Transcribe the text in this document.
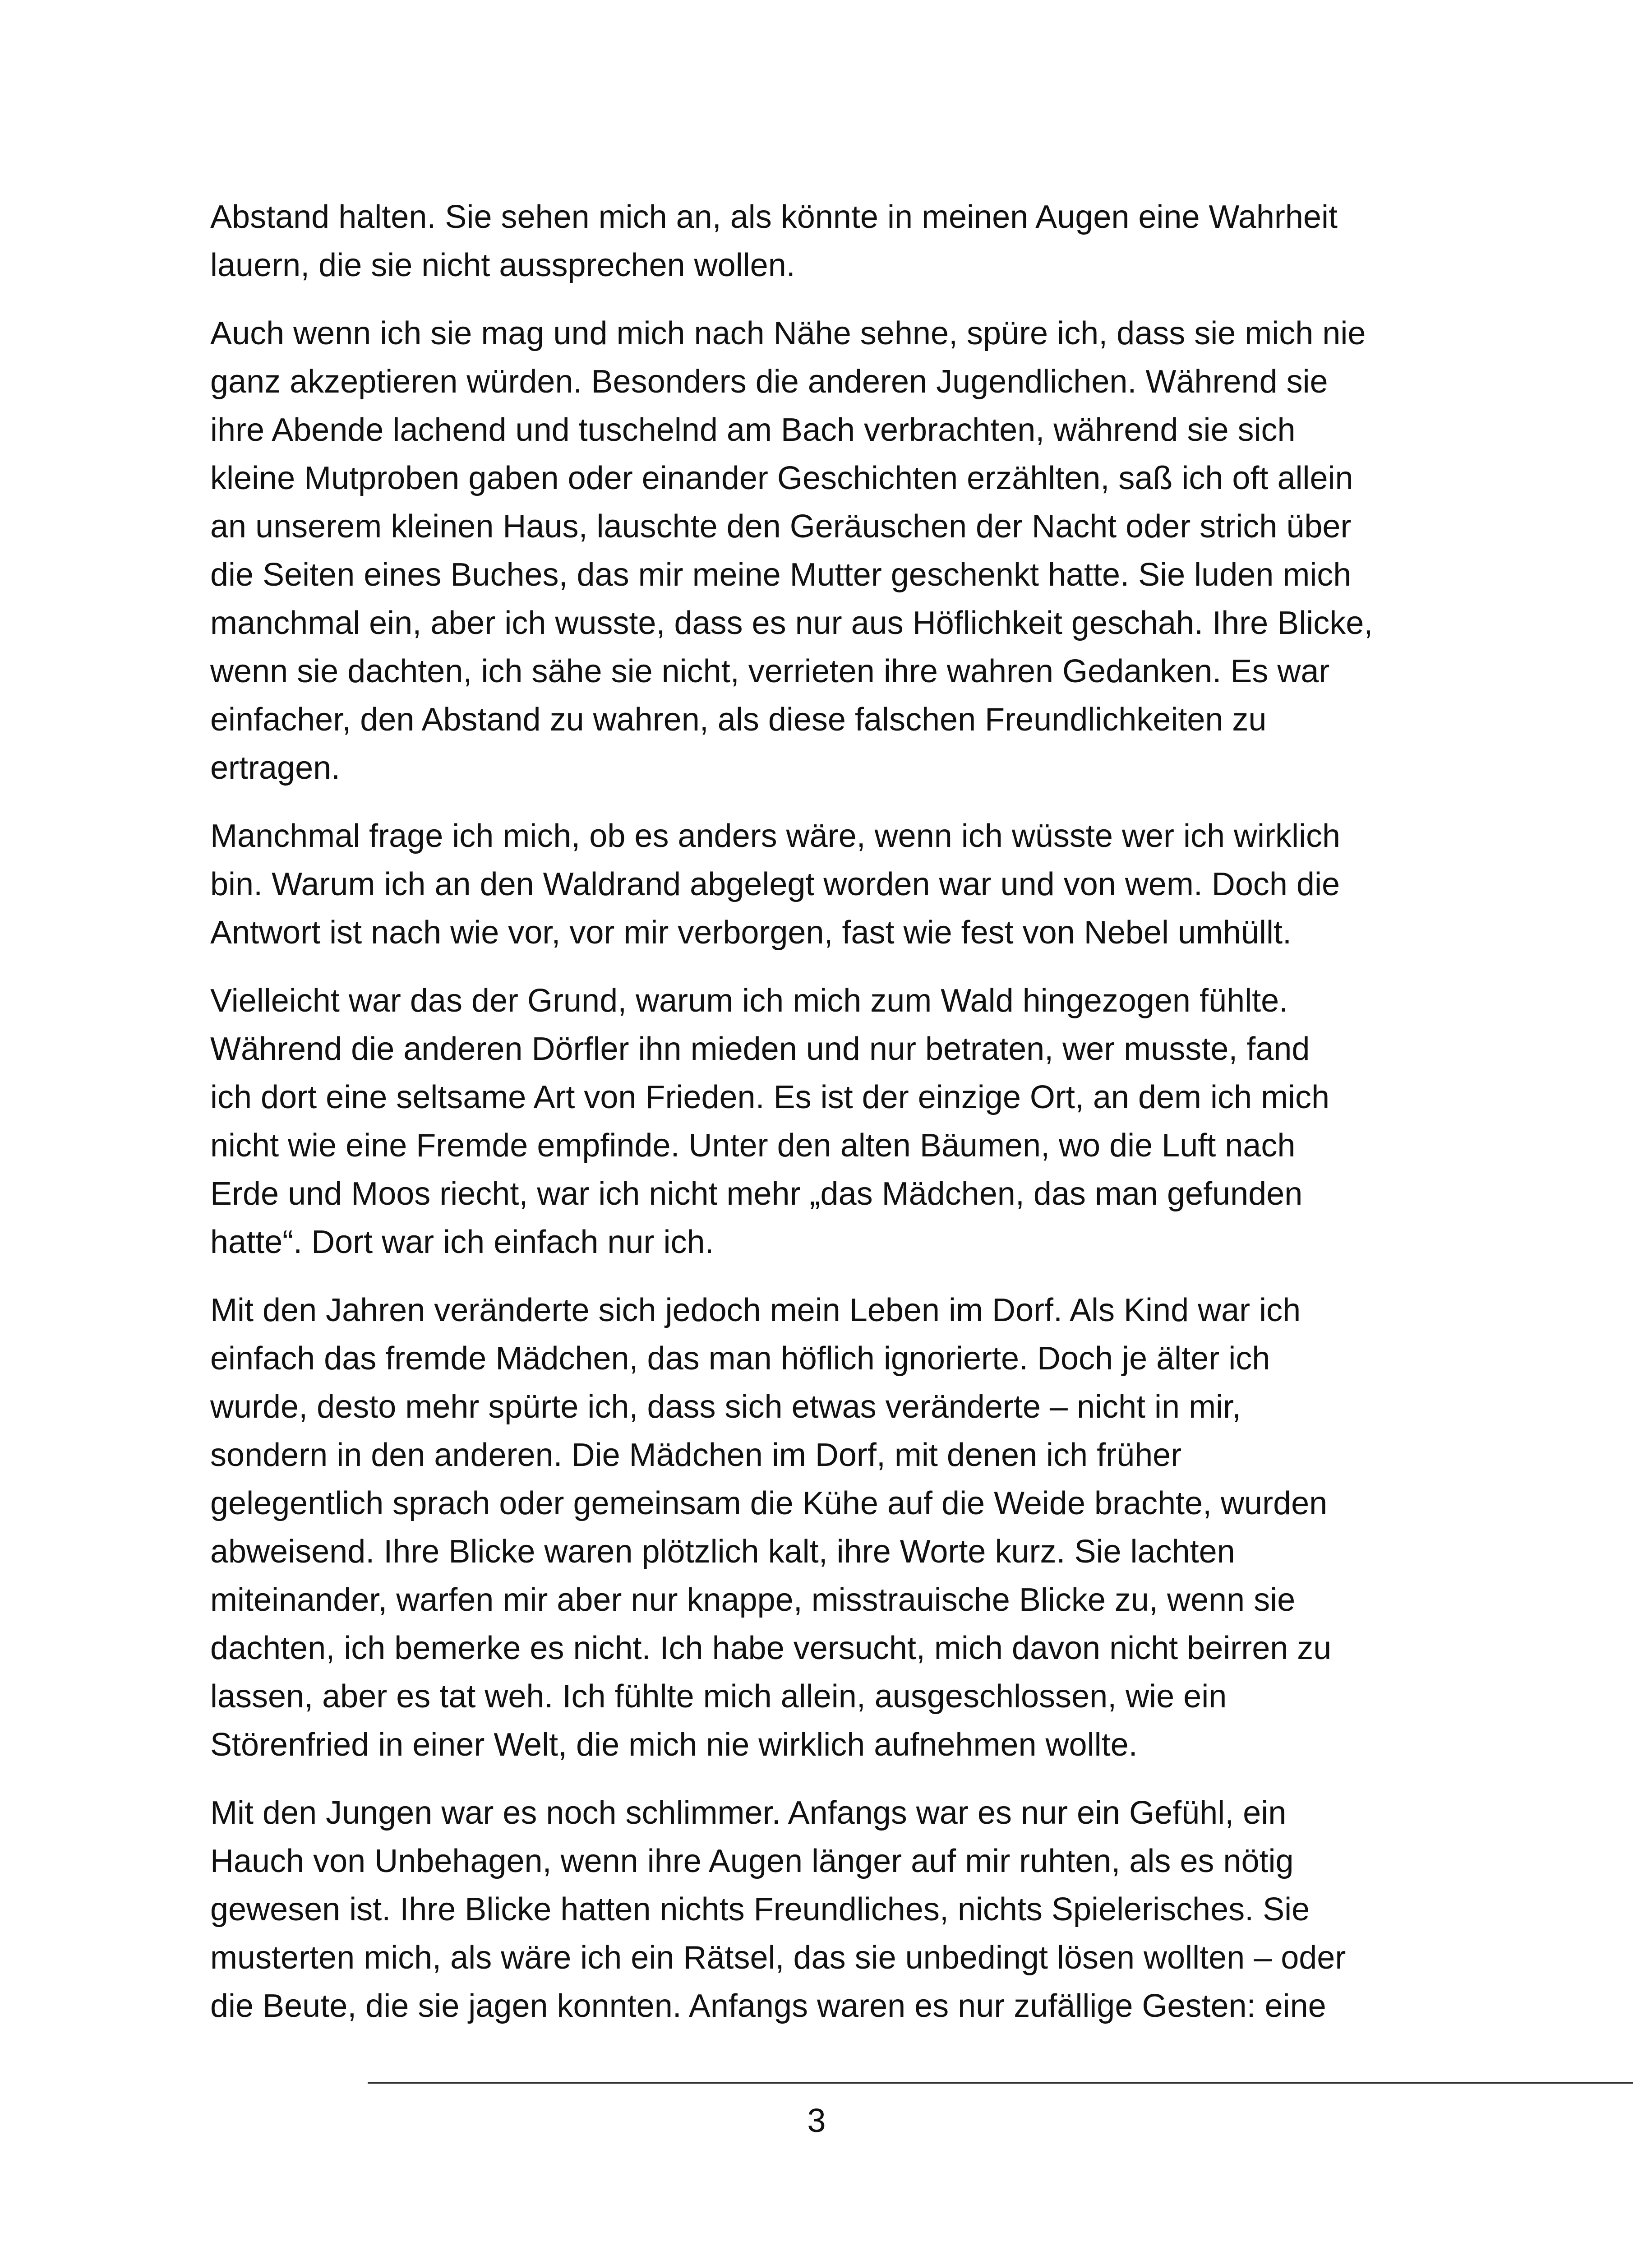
Abstand halten. Sie sehen mich an, als könnte in meinen Augen eine Wahrheit
lauern, die sie nicht aussprechen wollen.

Auch wenn ich sie mag und mich nach Nähe sehne, spüre ich, dass sie mich nie
ganz akzeptieren würden. Besonders die anderen Jugendlichen. Während sie
ihre Abende lachend und tuschelnd am Bach verbrachten, während sie sich
kleine Mutproben gaben oder einander Geschichten erzählten, saß ich oft allein
an unserem kleinen Haus, lauschte den Geräuschen der Nacht oder strich über
die Seiten eines Buches, das mir meine Mutter geschenkt hatte. Sie luden mich
manchmal ein, aber ich wusste, dass es nur aus Höflichkeit geschah. Ihre Blicke,
wenn sie dachten, ich sähe sie nicht, verrieten ihre wahren Gedanken. Es war
einfacher, den Abstand zu wahren, als diese falschen Freundlichkeiten zu
ertragen.

Manchmal frage ich mich, ob es anders wäre, wenn ich wüsste wer ich wirklich
bin. Warum ich an den Waldrand abgelegt worden war und von wem. Doch die
Antwort ist nach wie vor, vor mir verborgen, fast wie fest von Nebel umhüllt.

Vielleicht war das der Grund, warum ich mich zum Wald hingezogen fühlte.
Während die anderen Dörfler ihn mieden und nur betraten, wer musste, fand
ich dort eine seltsame Art von Frieden. Es ist der einzige Ort, an dem ich mich
nicht wie eine Fremde empfinde. Unter den alten Bäumen, wo die Luft nach
Erde und Moos riecht, war ich nicht mehr „das Mädchen, das man gefunden
hatte“. Dort war ich einfach nur ich.

Mit den Jahren veränderte sich jedoch mein Leben im Dorf. Als Kind war ich
einfach das fremde Mädchen, das man höflich ignorierte. Doch je älter ich
wurde, desto mehr spürte ich, dass sich etwas veränderte – nicht in mir,
sondern in den anderen. Die Mädchen im Dorf, mit denen ich früher
gelegentlich sprach oder gemeinsam die Kühe auf die Weide brachte, wurden
abweisend. Ihre Blicke waren plötzlich kalt, ihre Worte kurz. Sie lachten
miteinander, warfen mir aber nur knappe, misstrauische Blicke zu, wenn sie
dachten, ich bemerke es nicht. Ich habe versucht, mich davon nicht beirren zu
lassen, aber es tat weh. Ich fühlte mich allein, ausgeschlossen, wie ein
Störenfried in einer Welt, die mich nie wirklich aufnehmen wollte.

Mit den Jungen war es noch schlimmer. Anfangs war es nur ein Gefühl, ein
Hauch von Unbehagen, wenn ihre Augen länger auf mir ruhten, als es nötig
gewesen ist. Ihre Blicke hatten nichts Freundliches, nichts Spielerisches. Sie
musterten mich, als wäre ich ein Rätsel, das sie unbedingt lösen wollten – oder
die Beute, die sie jagen konnten. Anfangs waren es nur zufällige Gesten: eine

3
